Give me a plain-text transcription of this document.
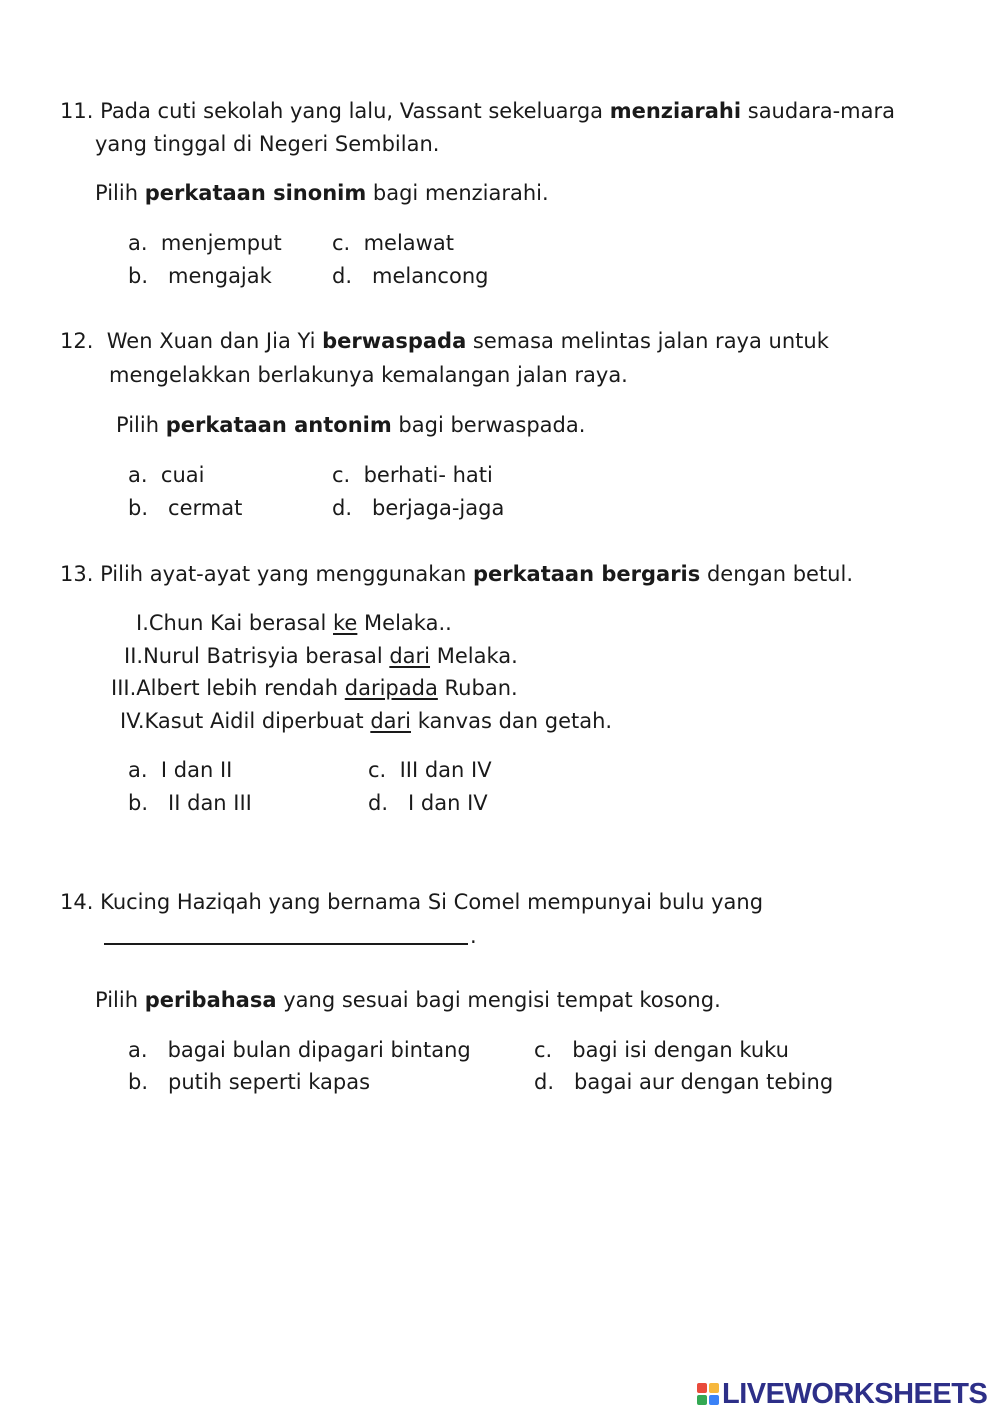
11. Pada cuti sekolah yang lalu, Vassant sekeluarga menziarahi saudara-mara
yang tinggal di Negeri Sembilan.
Pilih perkataan sinonim bagi menziarahi.
a. menjemput
b. mengajak
c. melawat
d. melancong
12. Wen Xuan dan Jia Yi berwaspada semasa melintas jalan raya untuk
mengelakkan berlakunya kemalangan jalan raya.
Pilih perkataan antonim bagi berwaspada.
a. cuai
b. cermat
c. berhati- hati
d. berjaga-jaga
13. Pilih ayat-ayat yang menggunakan perkataan bergaris dengan betul.
I.Chun Kai berasal ke Melaka..
II.Nurul Batrisyia berasal dari Melaka.
III.Albert lebih rendah daripada Ruban.
IV.Kasut Aidil diperbuat dari kanvas dan getah.
a. I dan II
b. II dan III
c. III dan IV
d. I dan IV
14. Kucing Haziqah yang bernama Si Comel mempunyai bulu yang
.
Pilih peribahasa yang sesuai bagi mengisi tempat kosong.
a. bagai bulan dipagari bintang
b. putih seperti kapas
c. bagi isi dengan kuku
d. bagai aur dengan tebing
LIVEWORKSHEETS
